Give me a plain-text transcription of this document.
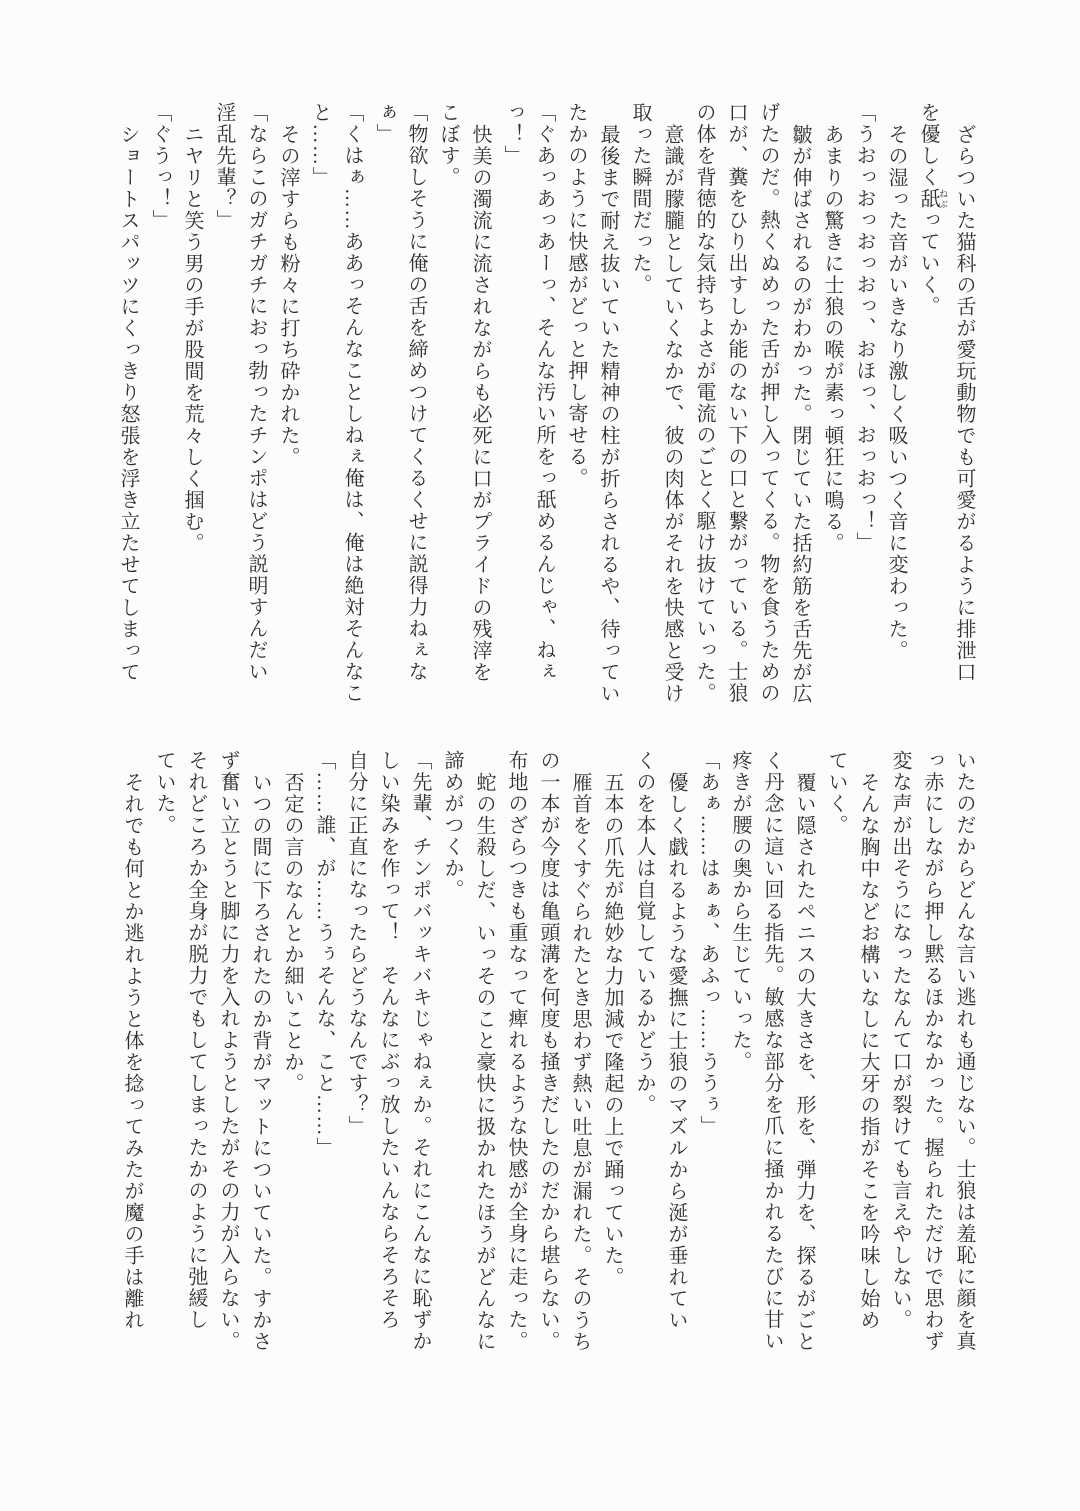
ざらついた猫科の舌が愛玩動物でも可愛がるように排泄口
を優しく舐 ねぶっていく。
その湿った音がいきなり激しく吸いつく音に変わった。
「うおっおっおっおっ、おほっ、おっおっ！」
あまりの驚きに士狼の喉が素っ頓狂に鳴る。
皺が伸ばされるのがわかった。閉じていた括約筋を舌先が広
げたのだ。熱くぬめった舌が押し入ってくる。物を食うための
口が、糞をひり出すしか能のない下の口と繋がっている。士狼
の体を背徳的な気持ちよさが電流のごとく駆け抜けていった。
意識が朦朧としていくなかで、彼の肉体がそれを快感と受け
取った瞬間だった。
最後まで耐え抜いていた精神の柱が折らされるや、待ってい
たかのように快感がどっと押し寄せる。
「ぐあっあっあーっ、そんな汚い所をっ舐めるんじゃ、ねぇ
っ！」
快美の濁流に流されながらも必死に口がプライドの残滓を
こぼす。
「物欲しそうに俺の舌を締めつけてくるくせに説得力ねぇな
ぁ」
「くはぁ……ああっそんなことしねぇ俺は、俺は絶対そんなこ
と……」
その滓すらも粉々に打ち砕かれた。
「ならこのガチガチにおっ勃ったチンポはどう説明すんだい
淫乱先輩？」
ニヤリと笑う男の手が股間を荒々しく掴む。
「ぐうっ！」
ショートスパッツにくっきり怒張を浮き立たせてしまって
いたのだからどんな言い逃れも通じない。士狼は羞恥に顔を真
っ赤にしながら押し黙るほかなかった。握られただけで思わず
変な声が出そうになったなんて口が裂けても言えやしない。
そんな胸中などお構いなしに大牙の指がそこを吟味し始め
ていく。
覆い隠されたペニスの大きさを、形を、弾力を、探るがごと
く丹念に這い回る指先。敏感な部分を爪に掻かれるたびに甘い
疼きが腰の奥から生じていった。
「あぁ……はぁぁ、あふっ……ううぅ」
優しく戯れるような愛撫に士狼のマズルから涎が垂れてい
くのを本人は自覚しているかどうか。
五本の爪先が絶妙な力加減で隆起の上で踊っていた。
雁首をくすぐられたとき思わず熱い吐息が漏れた。そのうち
の一本が今度は亀頭溝を何度も掻きだしたのだから堪らない。
布地のざらつきも重なって痺れるような快感が全身に走った。
蛇の生殺しだ、いっそのこと豪快に扱かれたほうがどんなに
諦めがつくか。
「先輩、チンポバッキバキじゃねぇか。それにこんなに恥ずか
しい染みを作って！　そんなにぶっ放したいんならそろそろ
自分に正直になったらどうなんです？」
「……誰、が……うぅそんな、こと……」
否定の言のなんとか細いことか。
いつの間に下ろされたのか背がマットについていた。すかさ
ず奮い立とうと脚に力を入れようとしたがその力が入らない。
それどころか全身が脱力でもしてしまったかのように弛緩し
ていた。
それでも何とか逃れようと体を捻ってみたが魔の手は離れ
